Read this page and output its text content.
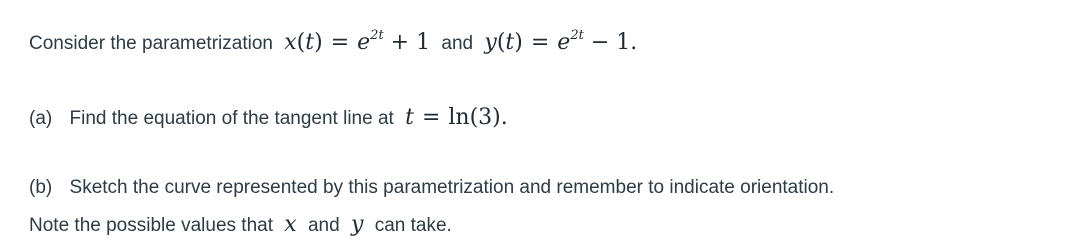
Consider the parametrization $x(t) = e^{2t} + 1$ and $y(t) = e^{2t} - 1$.
(a) Find the equation of the tangent line at t = ln(3).
(b) Sketch the curve represented by this parametrization and remember to indicate orientation.
Note the possible values that x and y can take.
